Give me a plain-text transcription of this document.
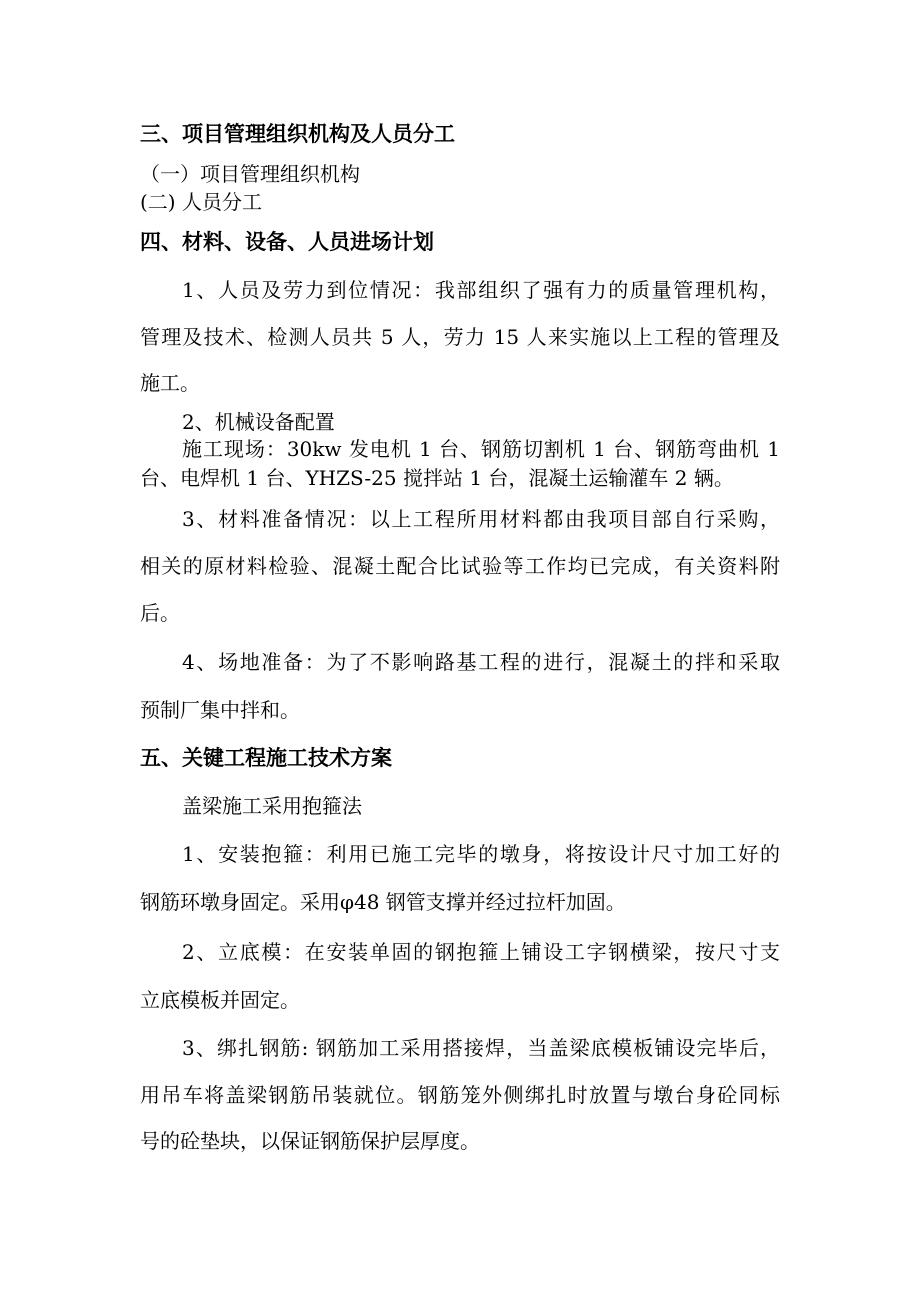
三、项目管理组织机构及人员分工

（一）项目管理组织机构

(二) 人员分工

四、材料、设备、人员进场计划

1、人员及劳力到位情况：我部组织了强有力的质量管理机构，

管理及技术、检测人员共 5 人，劳力 15 人来实施以上工程的管理及

施工。

2、机械设备配置

施工现场：30kw 发电机 1 台、钢筋切割机 1 台、钢筋弯曲机 1

台、电焊机 1 台、YHZS-25 搅拌站 1 台，混凝土运输灌车 2 辆。

3、材料准备情况：以上工程所用材料都由我项目部自行采购，

相关的原材料检验、混凝土配合比试验等工作均已完成，有关资料附

后。

4、场地准备：为了不影响路基工程的进行，混凝土的拌和采取

预制厂集中拌和。

五、关键工程施工技术方案

盖梁施工采用抱箍法

1、安装抱箍：利用已施工完毕的墩身，将按设计尺寸加工好的

钢筋环墩身固定。采用φ48 钢管支撑并经过拉杆加固。

2、立底模：在安装单固的钢抱箍上铺设工字钢横梁，按尺寸支

立底模板并固定。

3、绑扎钢筋: 钢筋加工采用搭接焊，当盖梁底模板铺设完毕后，

用吊车将盖梁钢筋吊装就位。钢筋笼外侧绑扎时放置与墩台身砼同标

号的砼垫块，以保证钢筋保护层厚度。
